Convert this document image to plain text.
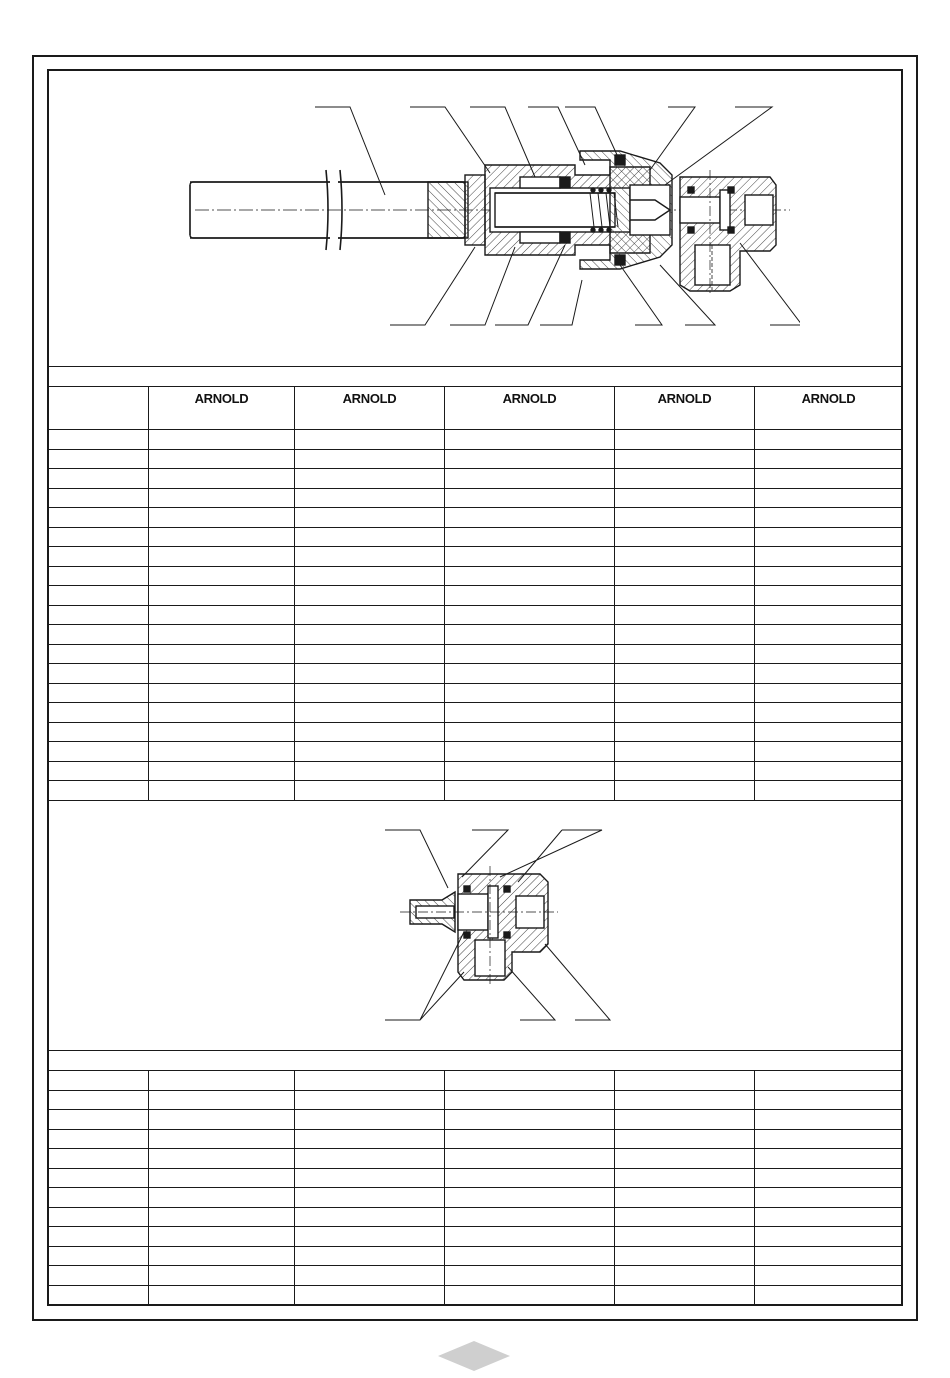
	ARNOLD	ARNOLD	ARNOLD	ARNOLD	ARNOLD
